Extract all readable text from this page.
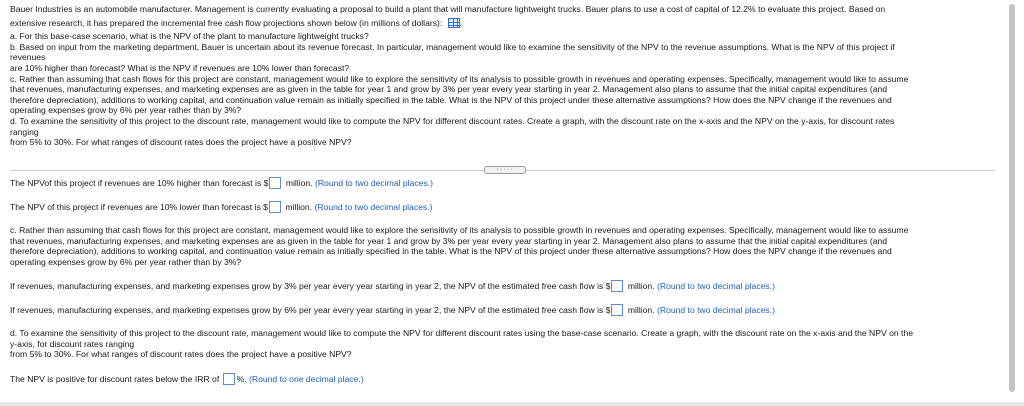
Bauer Industries is an automobile manufacturer. Management is currently evaluating a proposal to build a plant that will manufacture lightweight trucks. Bauer plans to use a cost of capital of 12.2% to evaluate this project. Based on

extensive research, it has prepared the incremental free cash flow projections shown below (in millions of dollars): .

a. For this base-case scenario, what is the NPV of the plant to manufacture lightweight trucks?

b. Based on input from the marketing department, Bauer is uncertain about its revenue forecast. In particular, management would like to examine the sensitivity of the NPV to the revenue assumptions. What is the NPV of this project if

revenues

are 10% higher than forecast? What is the NPV if revenues are 10% lower than forecast?

c. Rather than assuming that cash flows for this project are constant, management would like to explore the sensitivity of its analysis to possible growth in revenues and operating expenses. Specifically, management would like to assume

that revenues, manufacturing expenses, and marketing expenses are as given in the table for year 1 and grow by 3% per year every year starting in year 2. Management also plans to assume that the initial capital expenditures (and

therefore depreciation), additions to working capital, and continuation value remain as initially specified in the table. What is the NPV of this project under these alternative assumptions? How does the NPV change if the revenues and

operating expenses grow by 6% per year rather than by 3%?

d. To examine the sensitivity of this project to the discount rate, management would like to compute the NPV for different discount rates. Create a graph, with the discount rate on the x-axis and the NPV on the y-axis, for discount rates

ranging

from 5% to 30%. For what ranges of discount rates does the project have a positive NPV?

·····
The NPVof this project if revenues are 10% higher than forecast is $ million. (Round to two decimal places.)
The NPV of this project if revenues are 10% lower than forecast is $ million. (Round to two decimal places.)

c. Rather than assuming that cash flows for this project are constant, management would like to explore the sensitivity of its analysis to possible growth in revenues and operating expenses. Specifically, management would like to assume

that revenues, manufacturing expenses, and marketing expenses are as given in the table for year 1 and grow by 3% per year every year starting in year 2. Management also plans to assume that the initial capital expenditures (and

therefore depreciation), additions to working capital, and continuation value remain as initially specified in the table. What is the NPV of this project under these alternative assumptions? How does the NPV change if the revenues and

operating expenses grow by 6% per year rather than by 3%?

If revenues, manufacturing expenses, and marketing expenses grow by 3% per year every year starting in year 2, the NPV of the estimated free cash flow is $ million. (Round to two decimal places.)
If revenues, manufacturing expenses, and marketing expenses grow by 6% per year every year starting in year 2, the NPV of the estimated free cash flow is $ million. (Round to two decimal places.)

d. To examine the sensitivity of this project to the discount rate, management would like to compute the NPV for different discount rates using the base-case scenario. Create a graph, with the discount rate on the x-axis and the NPV on the

y-axis, for discount rates ranging

from 5% to 30%. For what ranges of discount rates does the project have a positive NPV?

The NPV is positive for discount rates below the IRR of %. (Round to one decimal place.)
